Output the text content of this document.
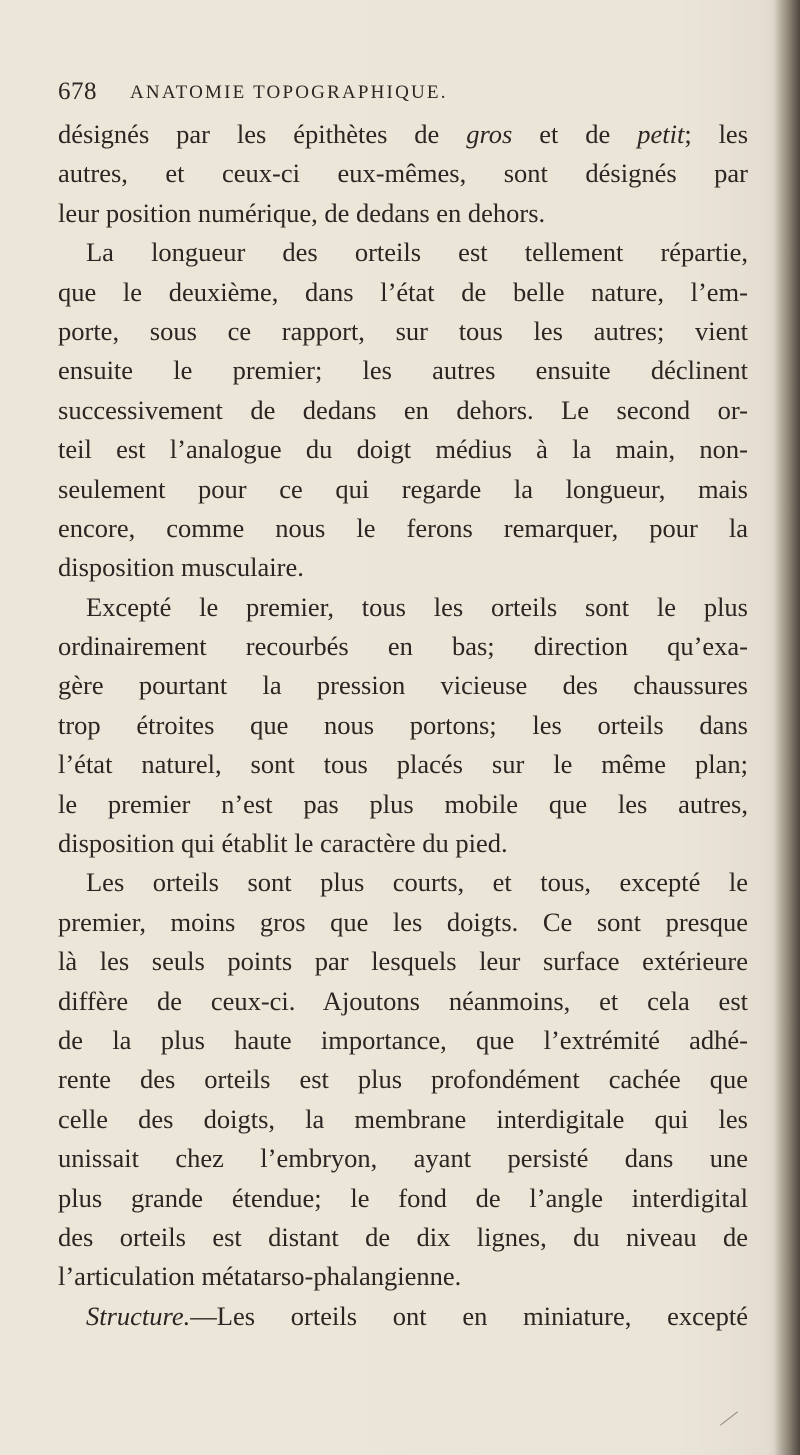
678 ANATOMIE TOPOGRAPHIQUE.
désignés par les épithètes de gros et de petit; les
autres, et ceux-ci eux-mêmes, sont désignés par
leur position numérique, de dedans en dehors.
La longueur des orteils est tellement répartie,
que le deuxième, dans l’état de belle nature, l’em-
porte, sous ce rapport, sur tous les autres; vient
ensuite le premier; les autres ensuite déclinent
successivement de dedans en dehors. Le second or-
teil est l’analogue du doigt médius à la main, non-
seulement pour ce qui regarde la longueur, mais
encore, comme nous le ferons remarquer, pour la
disposition musculaire.
Excepté le premier, tous les orteils sont le plus
ordinairement recourbés en bas; direction qu’exa-
gère pourtant la pression vicieuse des chaussures
trop étroites que nous portons; les orteils dans
l’état naturel, sont tous placés sur le même plan;
le premier n’est pas plus mobile que les autres,
disposition qui établit le caractère du pied.
Les orteils sont plus courts, et tous, excepté le
premier, moins gros que les doigts. Ce sont presque
là les seuls points par lesquels leur surface extérieure
diffère de ceux-ci. Ajoutons néanmoins, et cela est
de la plus haute importance, que l’extrémité adhé-
rente des orteils est plus profondément cachée que
celle des doigts, la membrane interdigitale qui les
unissait chez l’embryon, ayant persisté dans une
plus grande étendue; le fond de l’angle interdigital
des orteils est distant de dix lignes, du niveau de
l’articulation métatarso-phalangienne.
Structure.—Les orteils ont en miniature, excepté
